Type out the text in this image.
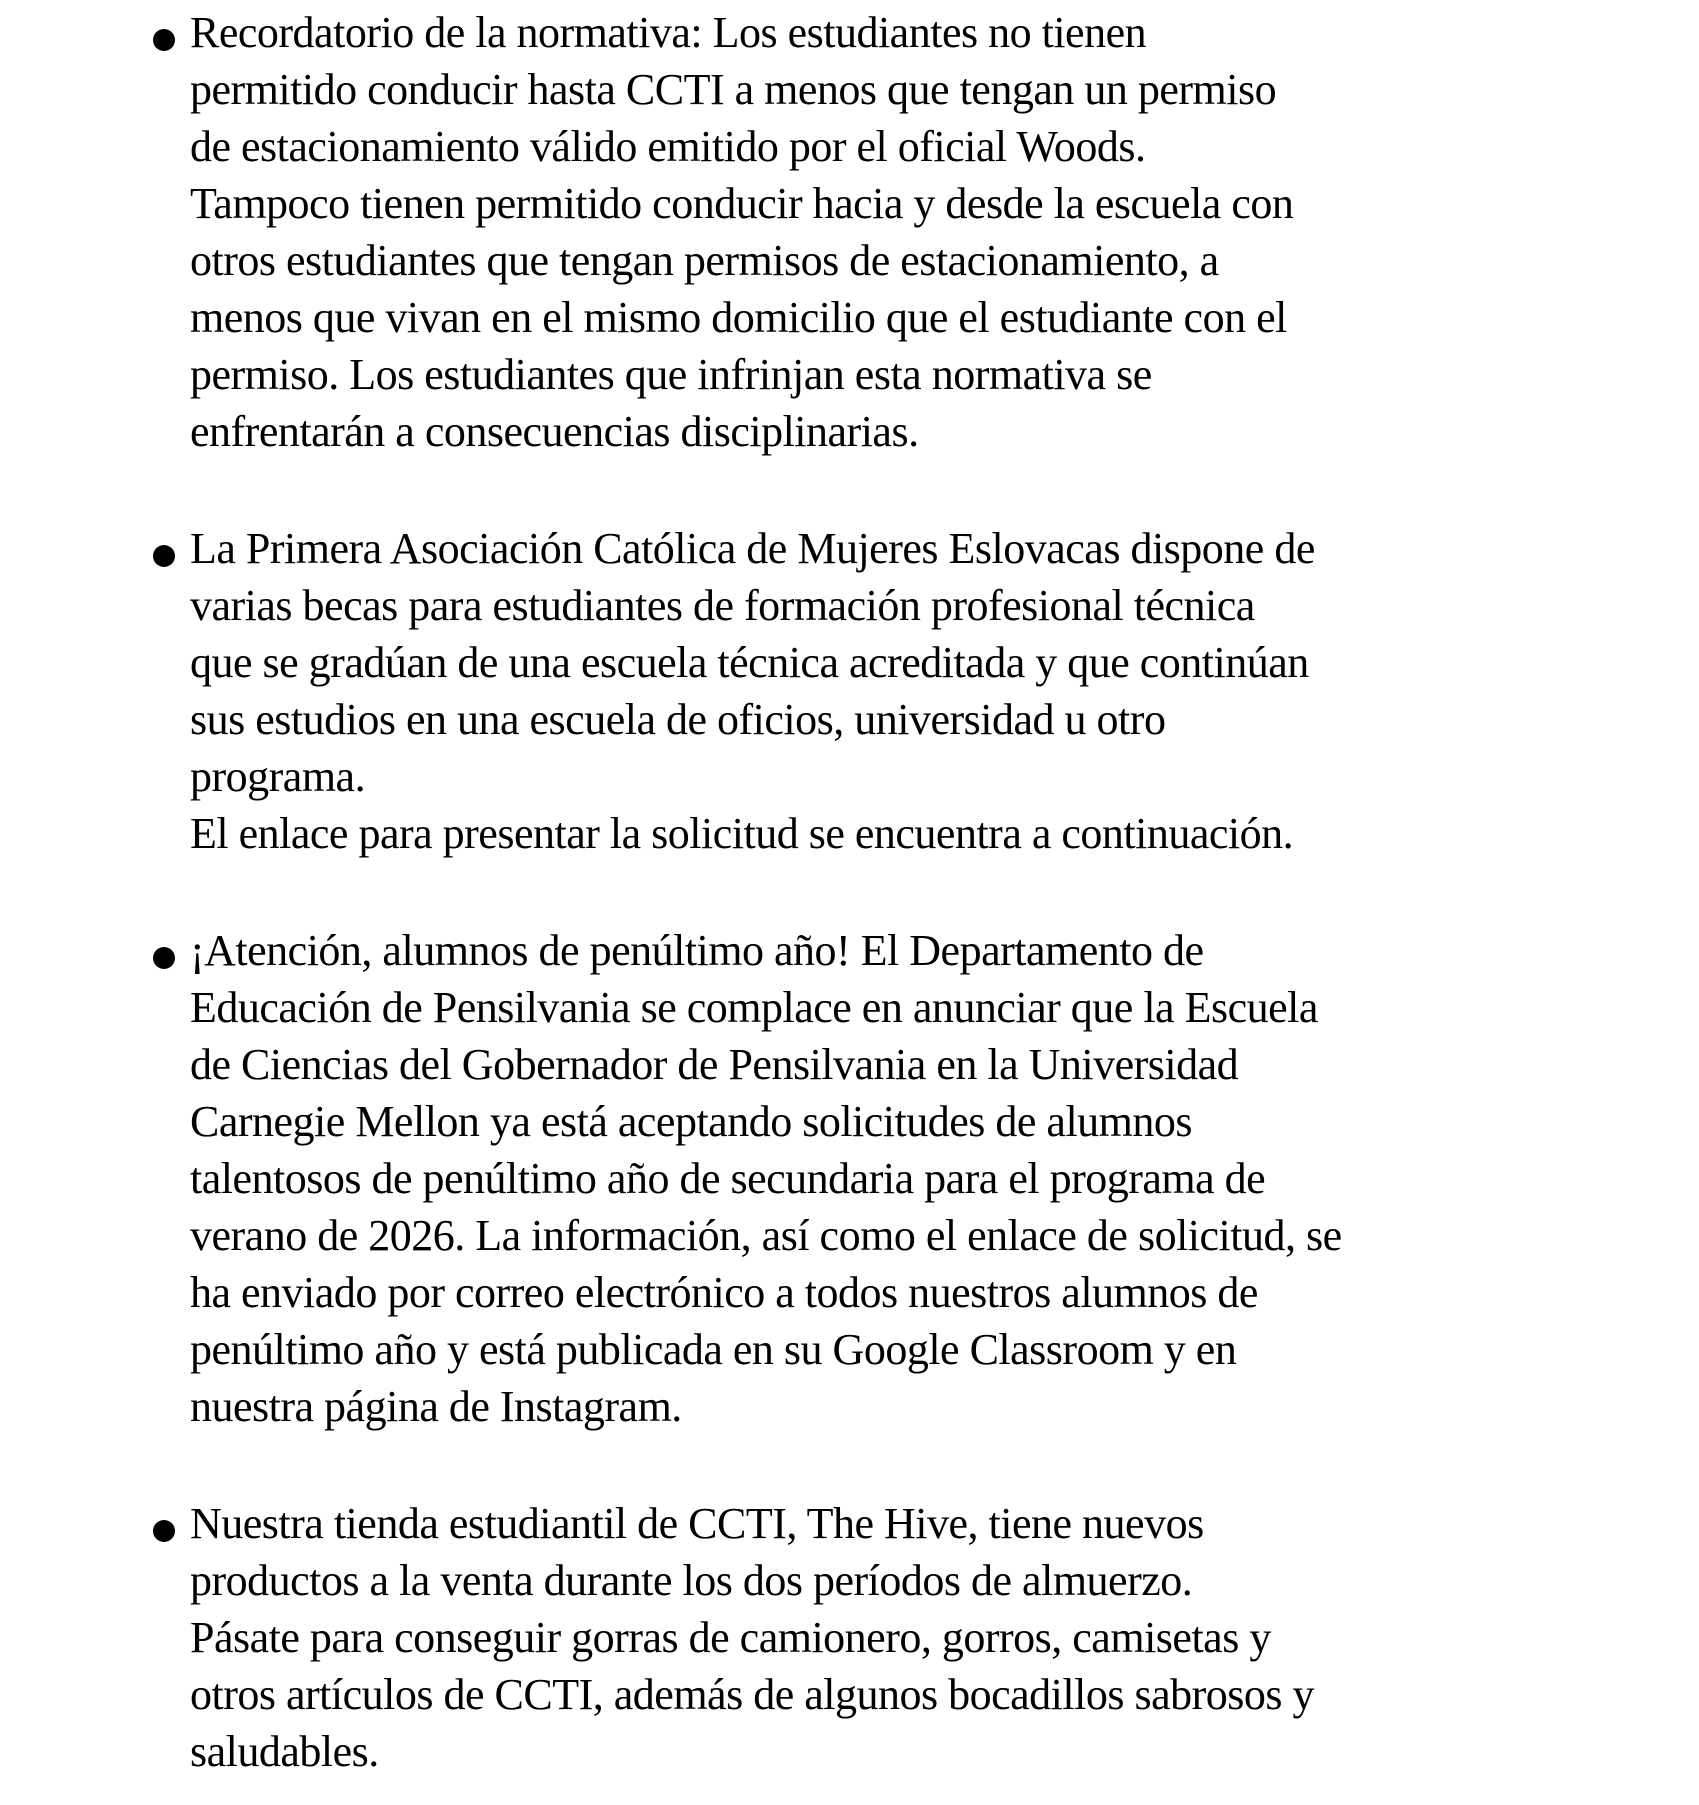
Recordatorio de la normativa: Los estudiantes no tienen
permitido conducir hasta CCTI a menos que tengan un permiso
de estacionamiento válido emitido por el oficial Woods.
Tampoco tienen permitido conducir hacia y desde la escuela con
otros estudiantes que tengan permisos de estacionamiento, a
menos que vivan en el mismo domicilio que el estudiante con el
permiso. Los estudiantes que infrinjan esta normativa se
enfrentarán a consecuencias disciplinarias.
La Primera Asociación Católica de Mujeres Eslovacas dispone de
varias becas para estudiantes de formación profesional técnica
que se gradúan de una escuela técnica acreditada y que continúan
sus estudios en una escuela de oficios, universidad u otro
programa.
El enlace para presentar la solicitud se encuentra a continuación.
¡Atención, alumnos de penúltimo año! El Departamento de
Educación de Pensilvania se complace en anunciar que la Escuela
de Ciencias del Gobernador de Pensilvania en la Universidad
Carnegie Mellon ya está aceptando solicitudes de alumnos
talentosos de penúltimo año de secundaria para el programa de
verano de 2026. La información, así como el enlace de solicitud, se
ha enviado por correo electrónico a todos nuestros alumnos de
penúltimo año y está publicada en su Google Classroom y en
nuestra página de Instagram.
Nuestra tienda estudiantil de CCTI, The Hive, tiene nuevos
productos a la venta durante los dos períodos de almuerzo.
Pásate para conseguir gorras de camionero, gorros, camisetas y
otros artículos de CCTI, además de algunos bocadillos sabrosos y
saludables.
